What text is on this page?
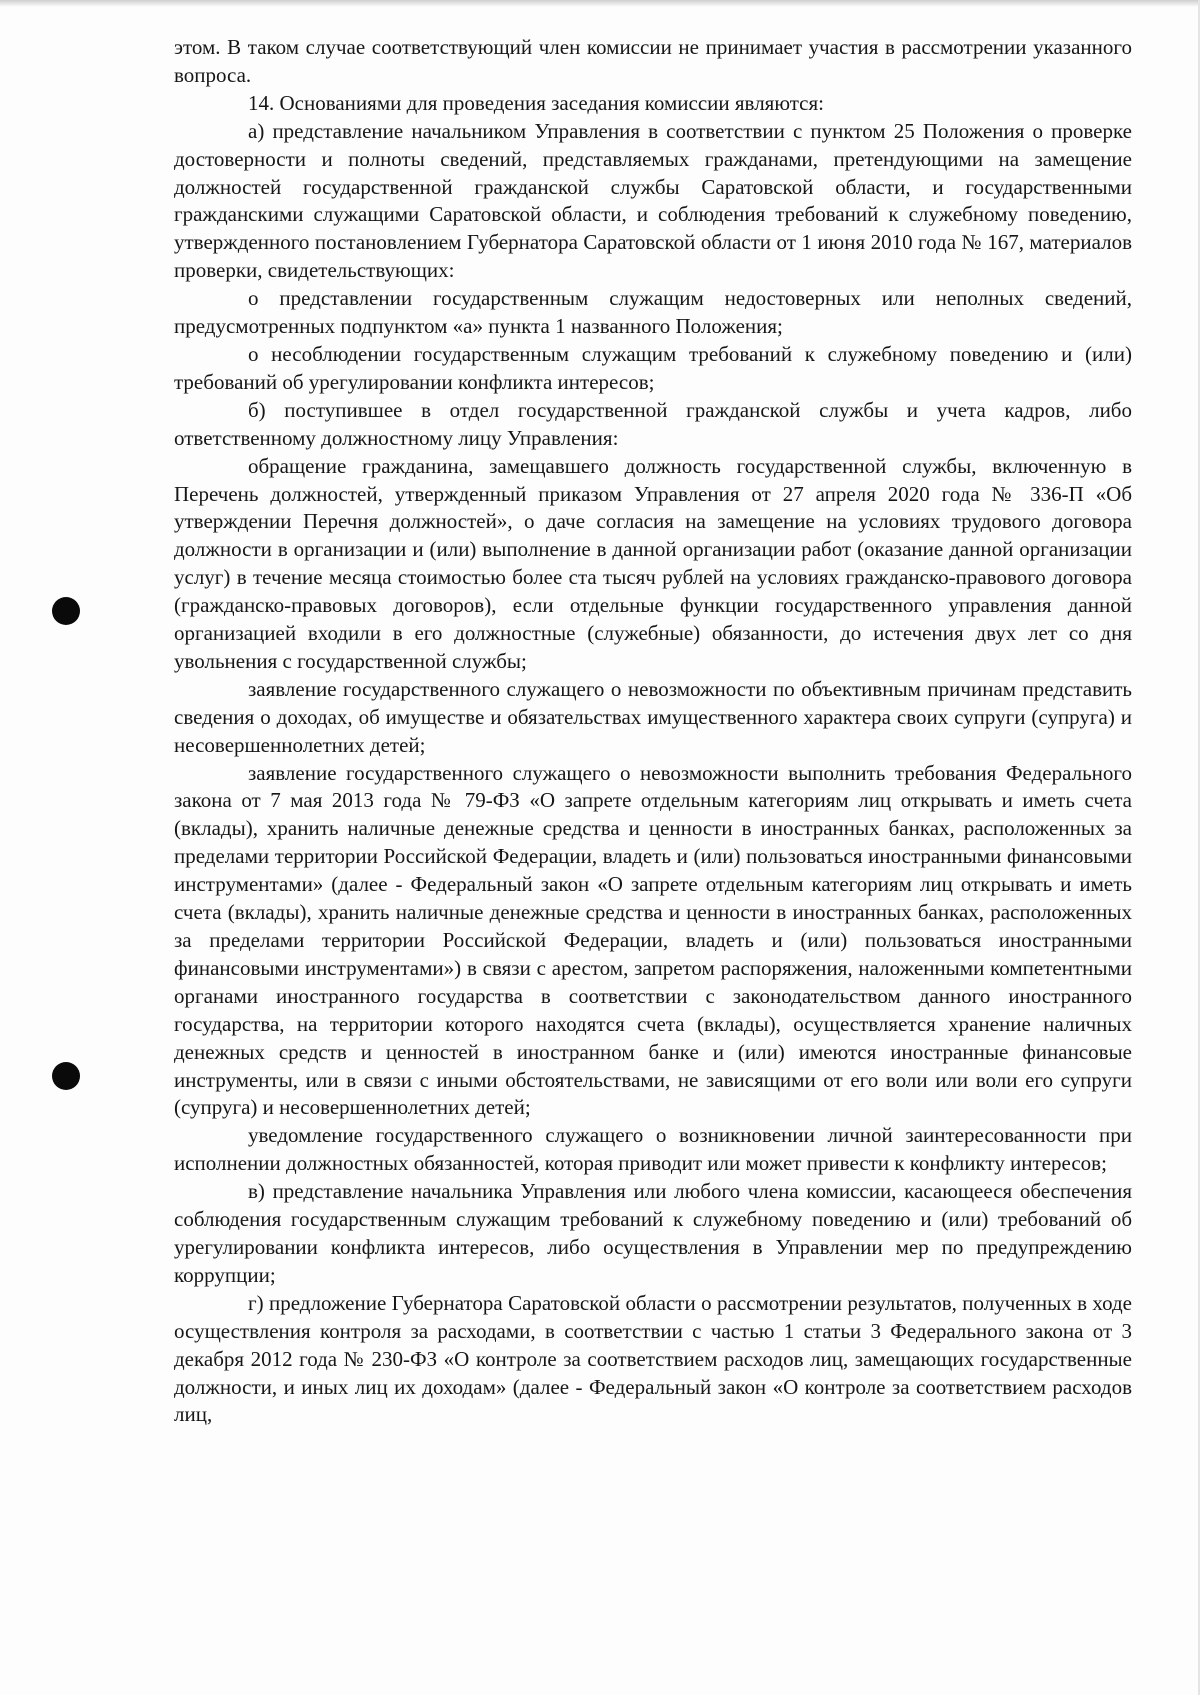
этом. В таком случае соответствующий член комиссии не принимает участия в рассмотрении указанного вопроса.

14. Основаниями для проведения заседания комиссии являются:

а) представление начальником Управления в соответствии с пунктом 25 Положения о проверке достоверности и полноты сведений, представляемых гражданами, претендующими на замещение должностей государственной гражданской службы Саратовской области, и государственными гражданскими служащими Саратовской области, и соблюдения требований к служебному поведению, утвержденного постановлением Губернатора Саратовской области от 1 июня 2010 года № 167, материалов проверки, свидетельствующих:

о представлении государственным служащим недостоверных или неполных сведений, предусмотренных подпунктом «а» пункта 1 названного Положения;

о несоблюдении государственным служащим требований к служебному поведению и (или) требований об урегулировании конфликта интересов;

б) поступившее в отдел государственной гражданской службы и учета кадров, либо ответственному должностному лицу Управления:

обращение гражданина, замещавшего должность государственной службы, включенную в Перечень должностей, утвержденный приказом Управления от 27 апреля 2020 года № 336-П «Об утверждении Перечня должностей», о даче согласия на замещение на условиях трудового договора должности в организации и (или) выполнение в данной организации работ (оказание данной организации услуг) в течение месяца стоимостью более ста тысяч рублей на условиях гражданско-правового договора (гражданско-правовых договоров), если отдельные функции государственного управления данной организацией входили в его должностные (служебные) обязанности, до истечения двух лет со дня увольнения с государственной службы;

заявление государственного служащего о невозможности по объективным причинам представить сведения о доходах, об имуществе и обязательствах имущественного характера своих супруги (супруга) и несовершеннолетних детей;

заявление государственного служащего о невозможности выполнить требования Федерального закона от 7 мая 2013 года № 79-ФЗ «О запрете отдельным категориям лиц открывать и иметь счета (вклады), хранить наличные денежные средства и ценности в иностранных банках, расположенных за пределами территории Российской Федерации, владеть и (или) пользоваться иностранными финансовыми инструментами» (далее - Федеральный закон «О запрете отдельным категориям лиц открывать и иметь счета (вклады), хранить наличные денежные средства и ценности в иностранных банках, расположенных за пределами территории Российской Федерации, владеть и (или) пользоваться иностранными финансовыми инструментами») в связи с арестом, запретом распоряжения, наложенными компетентными органами иностранного государства в соответствии с законодательством данного иностранного государства, на территории которого находятся счета (вклады), осуществляется хранение наличных денежных средств и ценностей в иностранном банке и (или) имеются иностранные финансовые инструменты, или в связи с иными обстоятельствами, не зависящими от его воли или воли его супруги (супруга) и несовершеннолетних детей;

уведомление государственного служащего о возникновении личной заинтересованности при исполнении должностных обязанностей, которая приводит или может привести к конфликту интересов;

в) представление начальника Управления или любого члена комиссии, касающееся обеспечения соблюдения государственным служащим требований к служебному поведению и (или) требований об урегулировании конфликта интересов, либо осуществления в Управлении мер по предупреждению коррупции;

г) предложение Губернатора Саратовской области о рассмотрении результатов, полученных в ходе осуществления контроля за расходами, в соответствии с частью 1 статьи 3 Федерального закона от 3 декабря 2012 года № 230-ФЗ «О контроле за соответствием расходов лиц, замещающих государственные должности, и иных лиц их доходам» (далее - Федеральный закон «О контроле за соответствием расходов лиц,
